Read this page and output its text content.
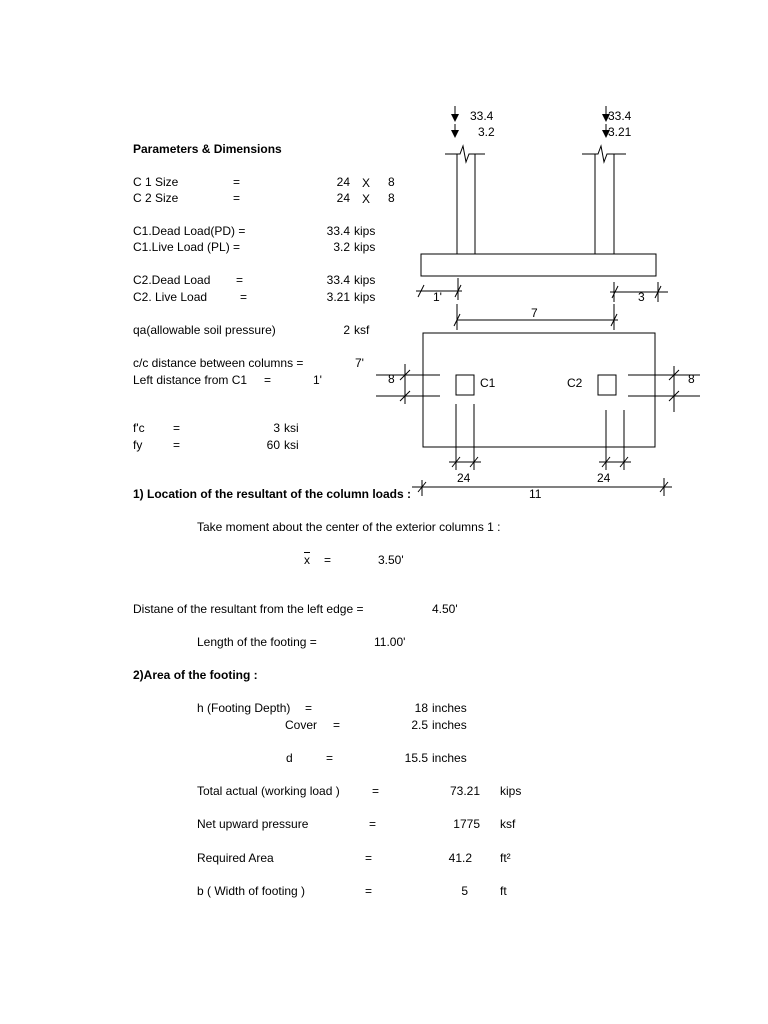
Parameters & Dimensions
C 1 Size	=	24 X 8
C 2 Size	=	24 X 8
C1.Dead Load(PD) =	33.4 kips
C1.Live Load (PL) =	3.2 kips
C2.Dead Load =	33.4 kips
C2. Live Load	=	3.21 kips
qa(allowable soil pressure)	2 ksf
c/c distance between columns =	7'
Left distance from C1 =	1'
f'c =	3 ksi
fy	=	60 ksi
33.4
3.2
33.4
3.21
1'	3
7
8	8
C1	C2
24	24
11
1) Location of the resultant of the column loads :
Take moment about the center of the exterior columns 1 :
$\overline{x}$ =	3.50'
Distane of the resultant from the left edge =	4.50'
Length of the footing =	11.00'
2)Area of the footing :
h (Footing Depth) =	18 inches
Cover =	2.5 inches
d	=	15.5 inches
Total actual (working load )	=	73.21 kips
Net upward pressure	=	1775 ksf
Required Area	=	41.2 ft²
b ( Width of footing )	=	5	ft
